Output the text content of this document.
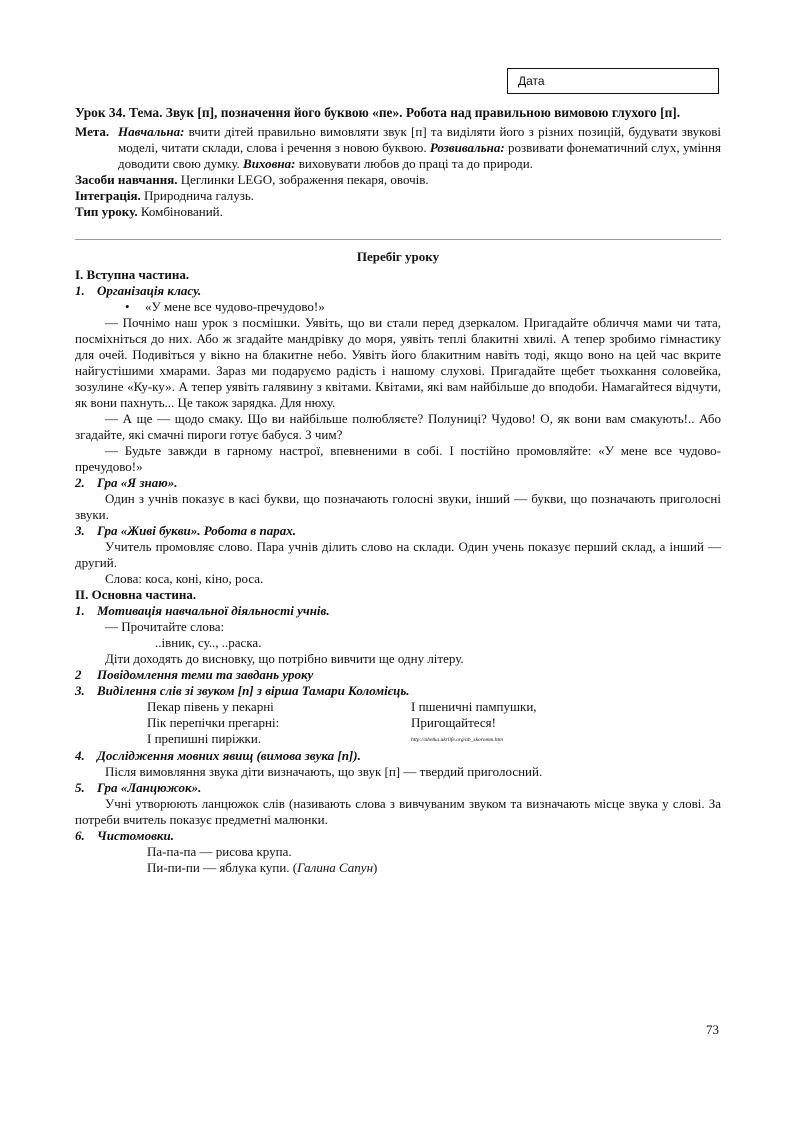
Дата

Урок 34. Тема. Звук [п], позначення його буквою «пе». Робота над правильною вимовою глухого [п].

Мета. Навчальна: вчити дітей правильно вимовляти звук [п] та виділяти його з різних позицій, будувати звукові моделі, читати склади, слова і речення з новою буквою. Розвивальна: розвивати фонематичний слух, уміння доводити свою думку. Виховна: виховувати любов до праці та до природи.

Засоби навчання. Цеглинки LEGO, зображення пекаря, овочів.

Інтеграція. Природнича галузь.

Тип уроку. Комбінований.

Перебіг уроку

I. Вступна частина.

1. Організація класу.

• «У мене все чудово-пречудово!»

— Почнімо наш урок з посмішки. Уявіть, що ви стали перед дзеркалом. Пригадайте обличчя мами чи тата, посміхніться до них. Або ж згадайте мандрівку до моря, уявіть теплі блакитні хвилі. А тепер зробимо гімнастику для очей. Подивіться у вікно на блакитне небо. Уявіть його блакитним навіть тоді, якщо воно на цей час вкрите найгустішими хмарами. Зараз ми подаруємо радість і нашому слухові. Пригадайте щебет тьохкання соловейка, зозулине «Ку-ку». А тепер уявіть галявину з квітами. Квітами, які вам найбільше до вподоби. Намагайтеся відчути, як вони пахнуть... Це також зарядка. Для нюху.

— А ще — щодо смаку. Що ви найбільше полюбляєте? Полуниці? Чудово! О, як вони вам смакують!.. Або згадайте, які смачні пироги готує бабуся. З чим?

— Будьте завжди в гарному настрої, впевненими в собі. І постійно промовляйте: «У мене все чудово-пречудово!»

2. Гра «Я знаю».

Один з учнів показує в касі букви, що позначають голосні звуки, інший — букви, що позначають приголосні звуки.

3. Гра «Живі букви». Робота в парах.

Учитель промовляє слово. Пара учнів ділить слово на склади. Один учень показує перший склад, а інший — другий.

Слова: коса, коні, кіно, роса.

II. Основна частина.

1. Мотивація навчальної діяльності учнів.

— Прочитайте слова:

..івник, су.., ..раска.

Діти доходять до висновку, що потрібно вивчити ще одну літеру.

2	Повідомлення теми та завдань уроку

3. Виділення слів зі звуком [п] з вірша Тамари Коломієць.

Пекар півень у пекарні

Пік перепічки прегарні:

І препишні пиріжки.

І пшеничні пампушки,

Пригощайтеся!

http://abetka.ukrlife.org/ab_skoromm.htm

4. Дослідження мовних явищ (вимова звука [п]).

Після вимовляння звука діти визначають, що звук [п] — твердий приголосний.

5. Гра «Ланцюжок».

Учні утворюють ланцюжок слів (називають слова з вивчуваним звуком та визначають місце звука у слові. За потреби вчитель показує предметні малюнки.

6. Чистомовки.

Па-па-па — рисова крупа.

Пи-пи-пи — яблука купи. (Галина Сапун)

73
